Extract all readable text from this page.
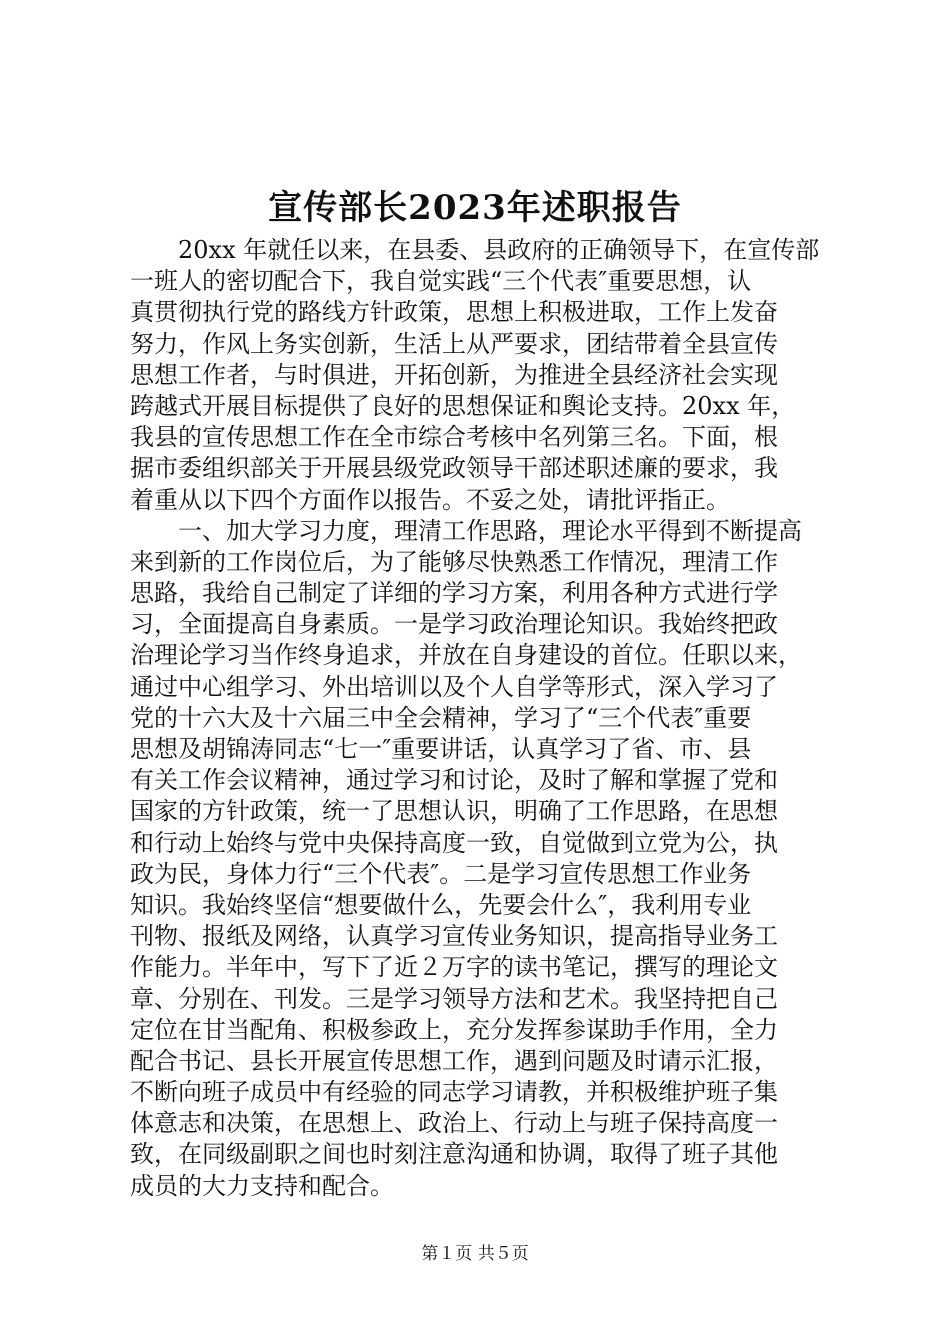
宣传部长2023年述职报告
20xx 年就任以来，在县委、县政府的正确领导下，在宣传部
一班人的密切配合下，我自觉实践“三个代表″重要思想，认
真贯彻执行党的路线方针政策，思想上积极进取，工作上发奋
努力，作风上务实创新，生活上从严要求，团结带着全县宣传
思想工作者，与时俱进，开拓创新，为推进全县经济社会实现
跨越式开展目标提供了良好的思想保证和舆论支持。20xx 年，
我县的宣传思想工作在全市综合考核中名列第三名。下面，根
据市委组织部关于开展县级党政领导干部述职述廉的要求，我
着重从以下四个方面作以报告。不妥之处，请批评指正。
一、加大学习力度，理清工作思路，理论水平得到不断提高
来到新的工作岗位后，为了能够尽快熟悉工作情况，理清工作
思路，我给自己制定了详细的学习方案，利用各种方式进行学
习，全面提高自身素质。一是学习政治理论知识。我始终把政
治理论学习当作终身追求，并放在自身建设的首位。任职以来，
通过中心组学习、外出培训以及个人自学等形式，深入学习了
党的十六大及十六届三中全会精神，学习了“三个代表″重要
思想及胡锦涛同志“七一″重要讲话，认真学习了省、市、县
有关工作会议精神，通过学习和讨论，及时了解和掌握了党和
国家的方针政策，统一了思想认识，明确了工作思路，在思想
和行动上始终与党中央保持高度一致，自觉做到立党为公，执
政为民，身体力行“三个代表″。二是学习宣传思想工作业务
知识。我始终坚信“想要做什么，先要会什么″，我利用专业
刊物、报纸及网络，认真学习宣传业务知识，提高指导业务工
作能力。半年中，写下了近２万字的读书笔记，撰写的理论文
章、分别在、刊发。三是学习领导方法和艺术。我坚持把自己
定位在甘当配角、积极参政上，充分发挥参谋助手作用，全力
配合书记、县长开展宣传思想工作，遇到问题及时请示汇报，
不断向班子成员中有经验的同志学习请教，并积极维护班子集
体意志和决策，在思想上、政治上、行动上与班子保持高度一
致，在同级副职之间也时刻注意沟通和协调，取得了班子其他
成员的大力支持和配合。
第１页 共５页
